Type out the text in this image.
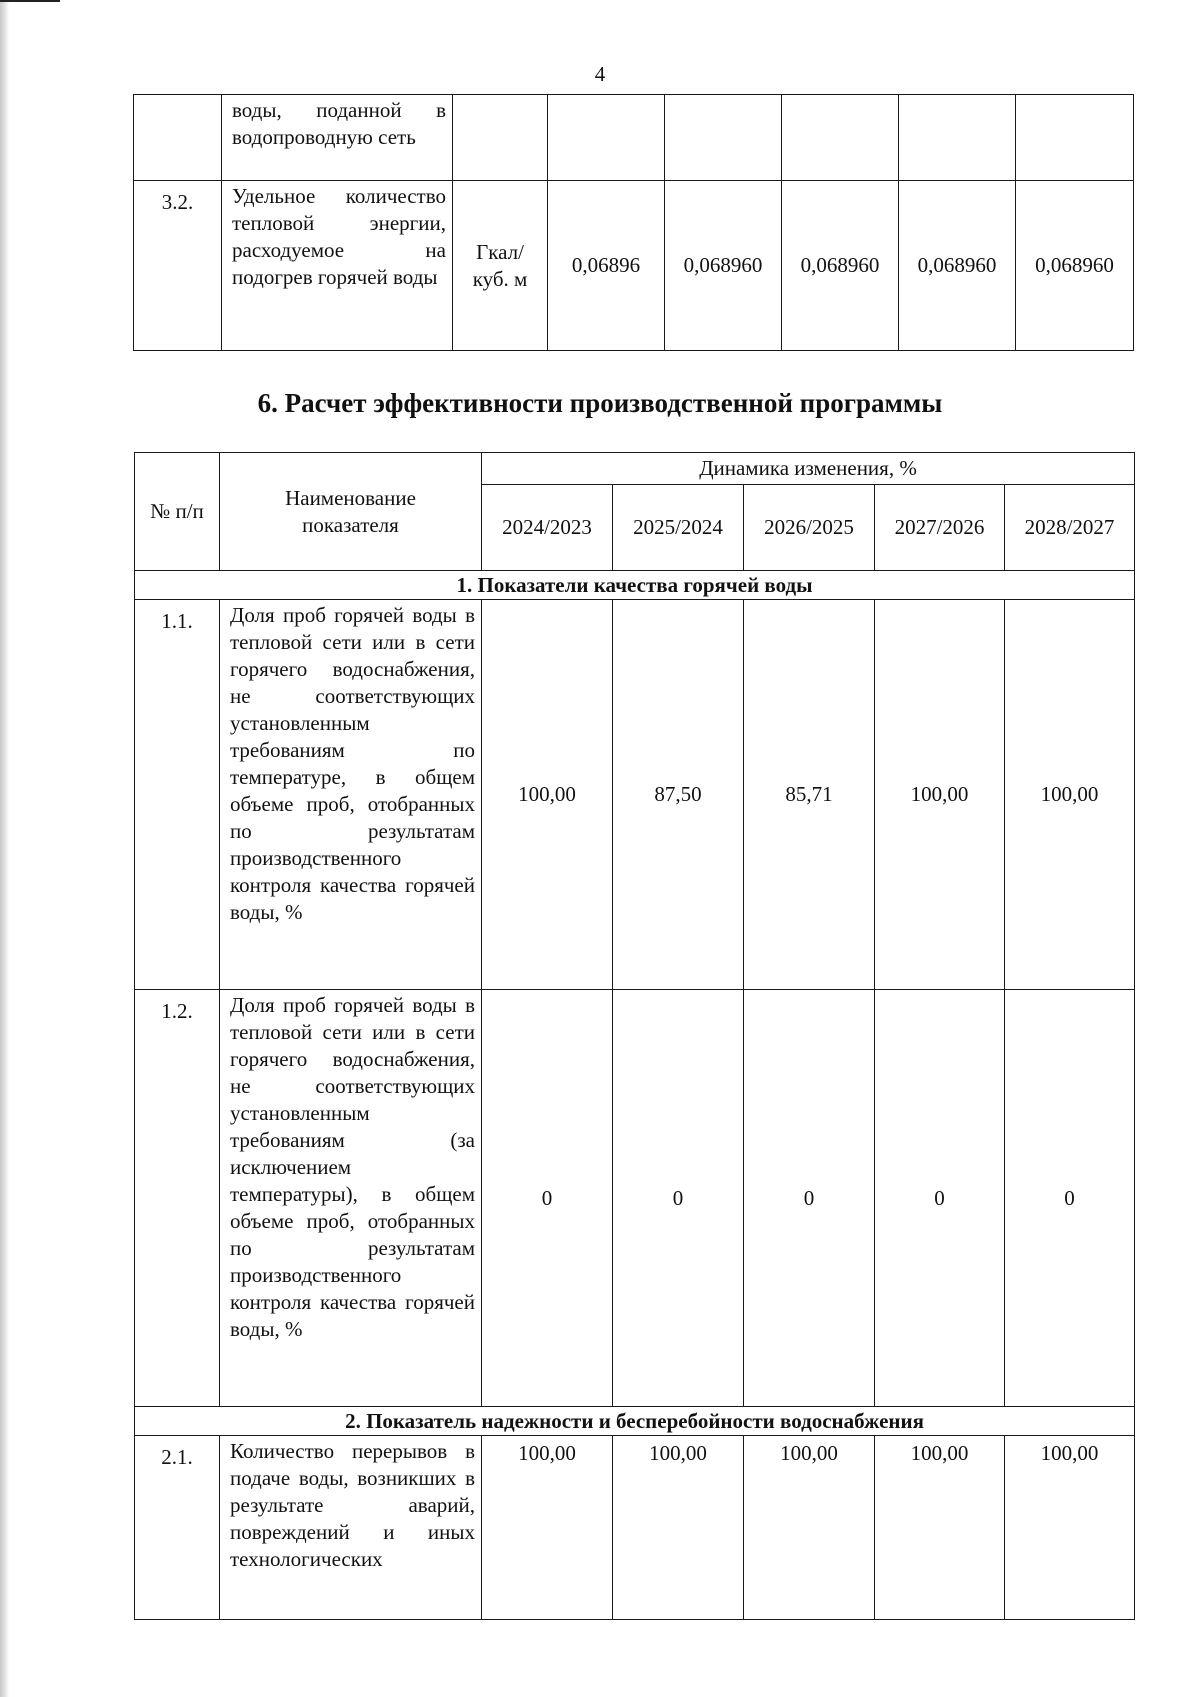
4
	воды, поданной в водопроводную сеть						
3.2.	Удельное количество тепловой энергии, расходуемое на подогрев горячей воды	Гкал/ куб. м	0,06896	0,068960	0,068960	0,068960	0,068960
6. Расчет эффективности производственной программы
№ п/п	Наименование показателя	Динамика изменения, %				
		2024/2023	2025/2024	2026/2025	2027/2026	2028/2027
1. Показатели качества горячей воды						
1.1.	Доля проб горячей воды в тепловой сети или в сети горячего водоснабжения, не соответствующих установленным требованиям по температуре, в общем объеме проб, отобранных по результатам производственного контроля качества горячей воды, %	100,00	87,50	85,71	100,00	100,00
1.2.	Доля проб горячей воды в тепловой сети или в сети горячего водоснабжения, не соответствующих установленным требованиям (за исключением температуры), в общем объеме проб, отобранных по результатам производственного контроля качества горячей воды, %	0	0	0	0	0
2. Показатель надежности и бесперебойности водоснабжения						
2.1.	Количество перерывов в подаче воды, возникших в результате аварий, повреждений и иных технологических	100,00	100,00	100,00	100,00	100,00
